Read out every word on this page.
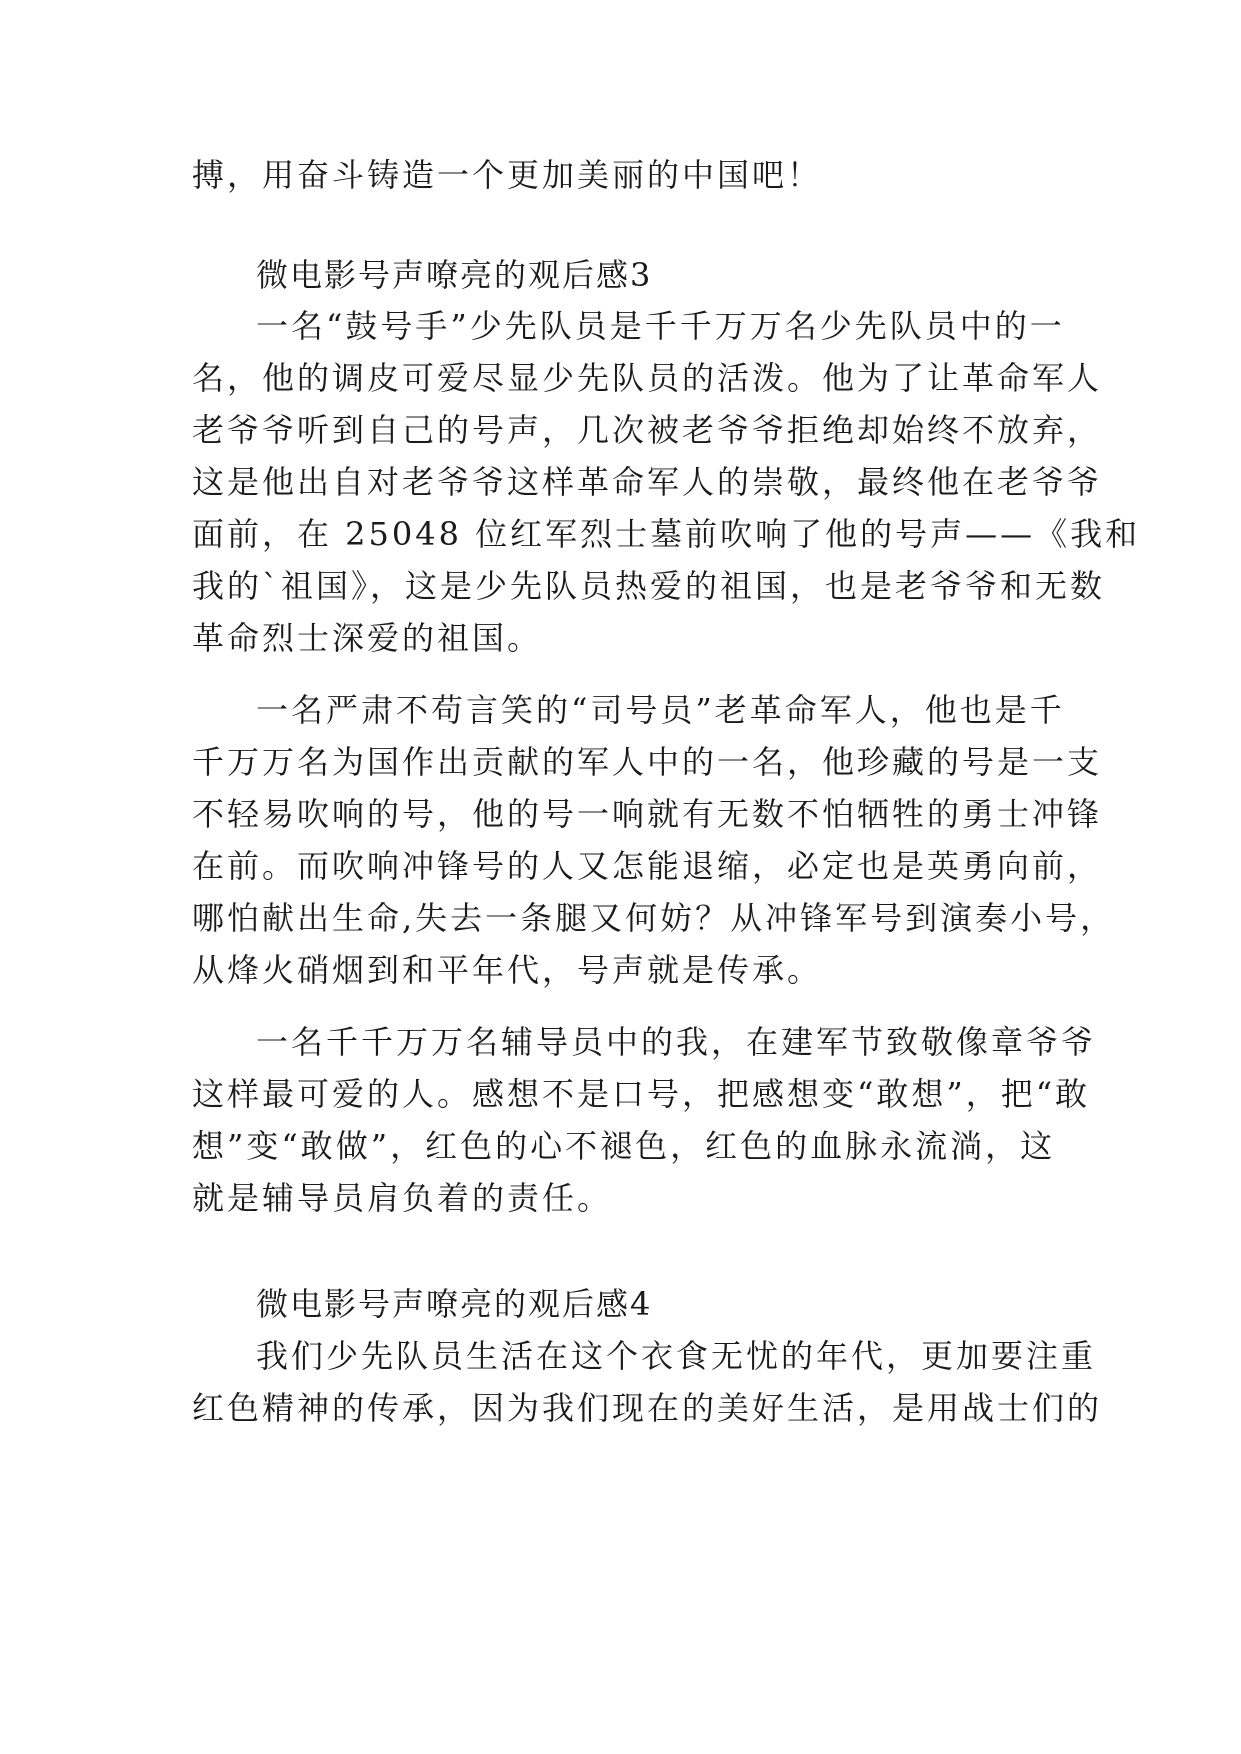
搏，用奋斗铸造一个更加美丽的中国吧！
微电影号声嘹亮的观后感3
一名“鼓号手”少先队员是千千万万名少先队员中的一
名，他的调皮可爱尽显少先队员的活泼。他为了让革命军人
老爷爷听到自己的号声，几次被老爷爷拒绝却始终不放弃，
这是他出自对老爷爷这样革命军人的崇敬，最终他在老爷爷
面前，在 25048 位红军烈士墓前吹响了他的号声——《我和
我的`祖国》，这是少先队员热爱的祖国，也是老爷爷和无数
革命烈士深爱的祖国。
一名严肃不苟言笑的“司号员”老革命军人，他也是千
千万万名为国作出贡献的军人中的一名，他珍藏的号是一支
不轻易吹响的号，他的号一响就有无数不怕牺牲的勇士冲锋
在前。而吹响冲锋号的人又怎能退缩，必定也是英勇向前，
哪怕献出生命,失去一条腿又何妨？从冲锋军号到演奏小号，
从烽火硝烟到和平年代，号声就是传承。
一名千千万万名辅导员中的我，在建军节致敬像章爷爷
这样最可爱的人。感想不是口号，把感想变“敢想”，把“敢
想”变“敢做”，红色的心不褪色，红色的血脉永流淌，这
就是辅导员肩负着的责任。
微电影号声嘹亮的观后感4
我们少先队员生活在这个衣食无忧的年代，更加要注重
红色精神的传承，因为我们现在的美好生活，是用战士们的
